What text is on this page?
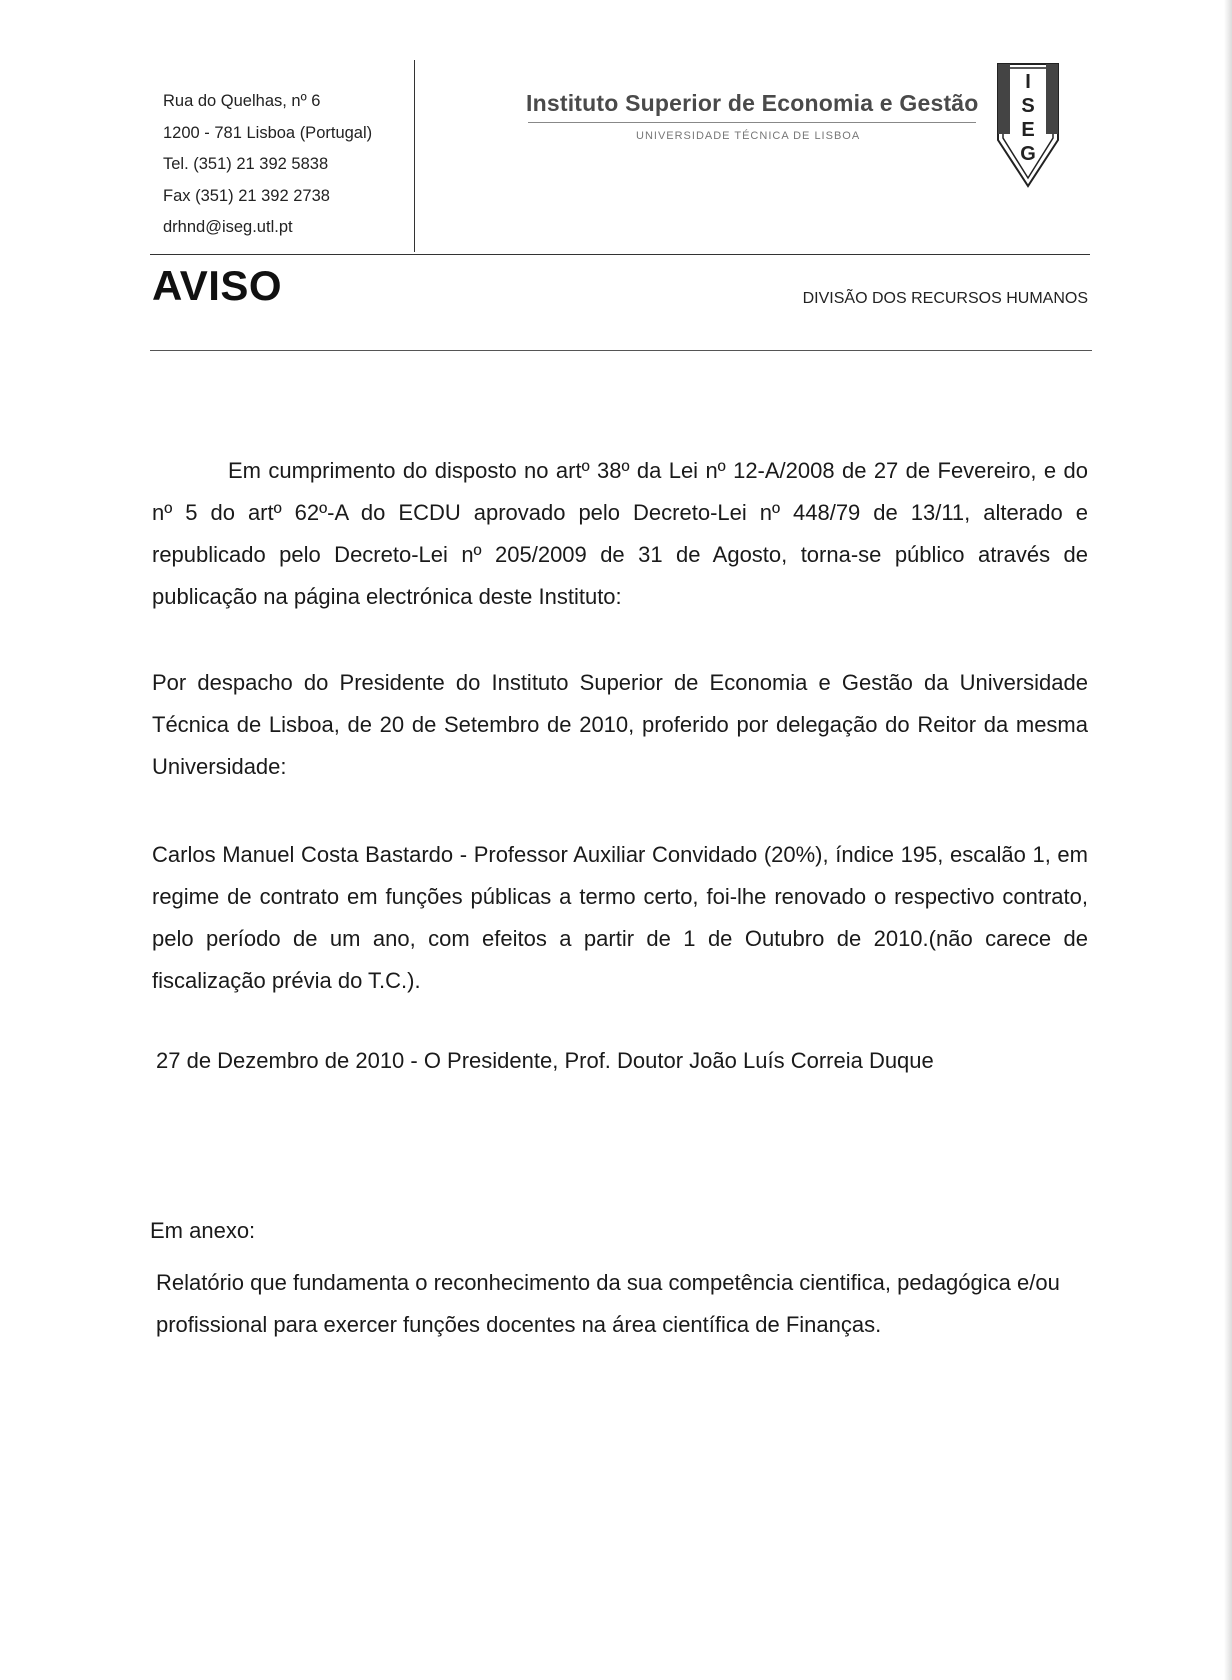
Rua do Quelhas, nº 6
1200 - 781 Lisboa (Portugal)
Tel. (351) 21 392 5838
Fax (351) 21 392 2738
drhnd@iseg.utl.pt
Instituto Superior de Economia e Gestão
UNIVERSIDADE TÉCNICA DE LISBOA
I
S
E
G
AVISO	DIVISÃO DOS RECURSOS HUMANOS
Em cumprimento do disposto no artº 38º da Lei nº 12-A/2008 de 27 de Fevereiro, e do nº 5 do artº 62º-A do ECDU aprovado pelo Decreto-Lei nº 448/79 de 13/11, alterado e republicado pelo Decreto-Lei nº 205/2009 de 31 de Agosto, torna-se público através de publicação na página electrónica deste Instituto:
Por despacho do Presidente do Instituto Superior de Economia e Gestão da Universidade Técnica de Lisboa, de 20 de Setembro de 2010, proferido por delegação do Reitor da mesma Universidade:
Carlos Manuel Costa Bastardo - Professor Auxiliar Convidado (20%), índice 195, escalão 1, em regime de contrato em funções públicas a termo certo, foi-lhe renovado o respectivo contrato, pelo período de um ano, com efeitos a partir de 1 de Outubro de 2010.(não carece de fiscalização prévia do T.C.).
27 de Dezembro de 2010 - O Presidente, Prof. Doutor João Luís Correia Duque
Em anexo:
Relatório que fundamenta o reconhecimento da sua competência cientifica, pedagógica e/ou profissional para exercer funções docentes na área científica de Finanças.
